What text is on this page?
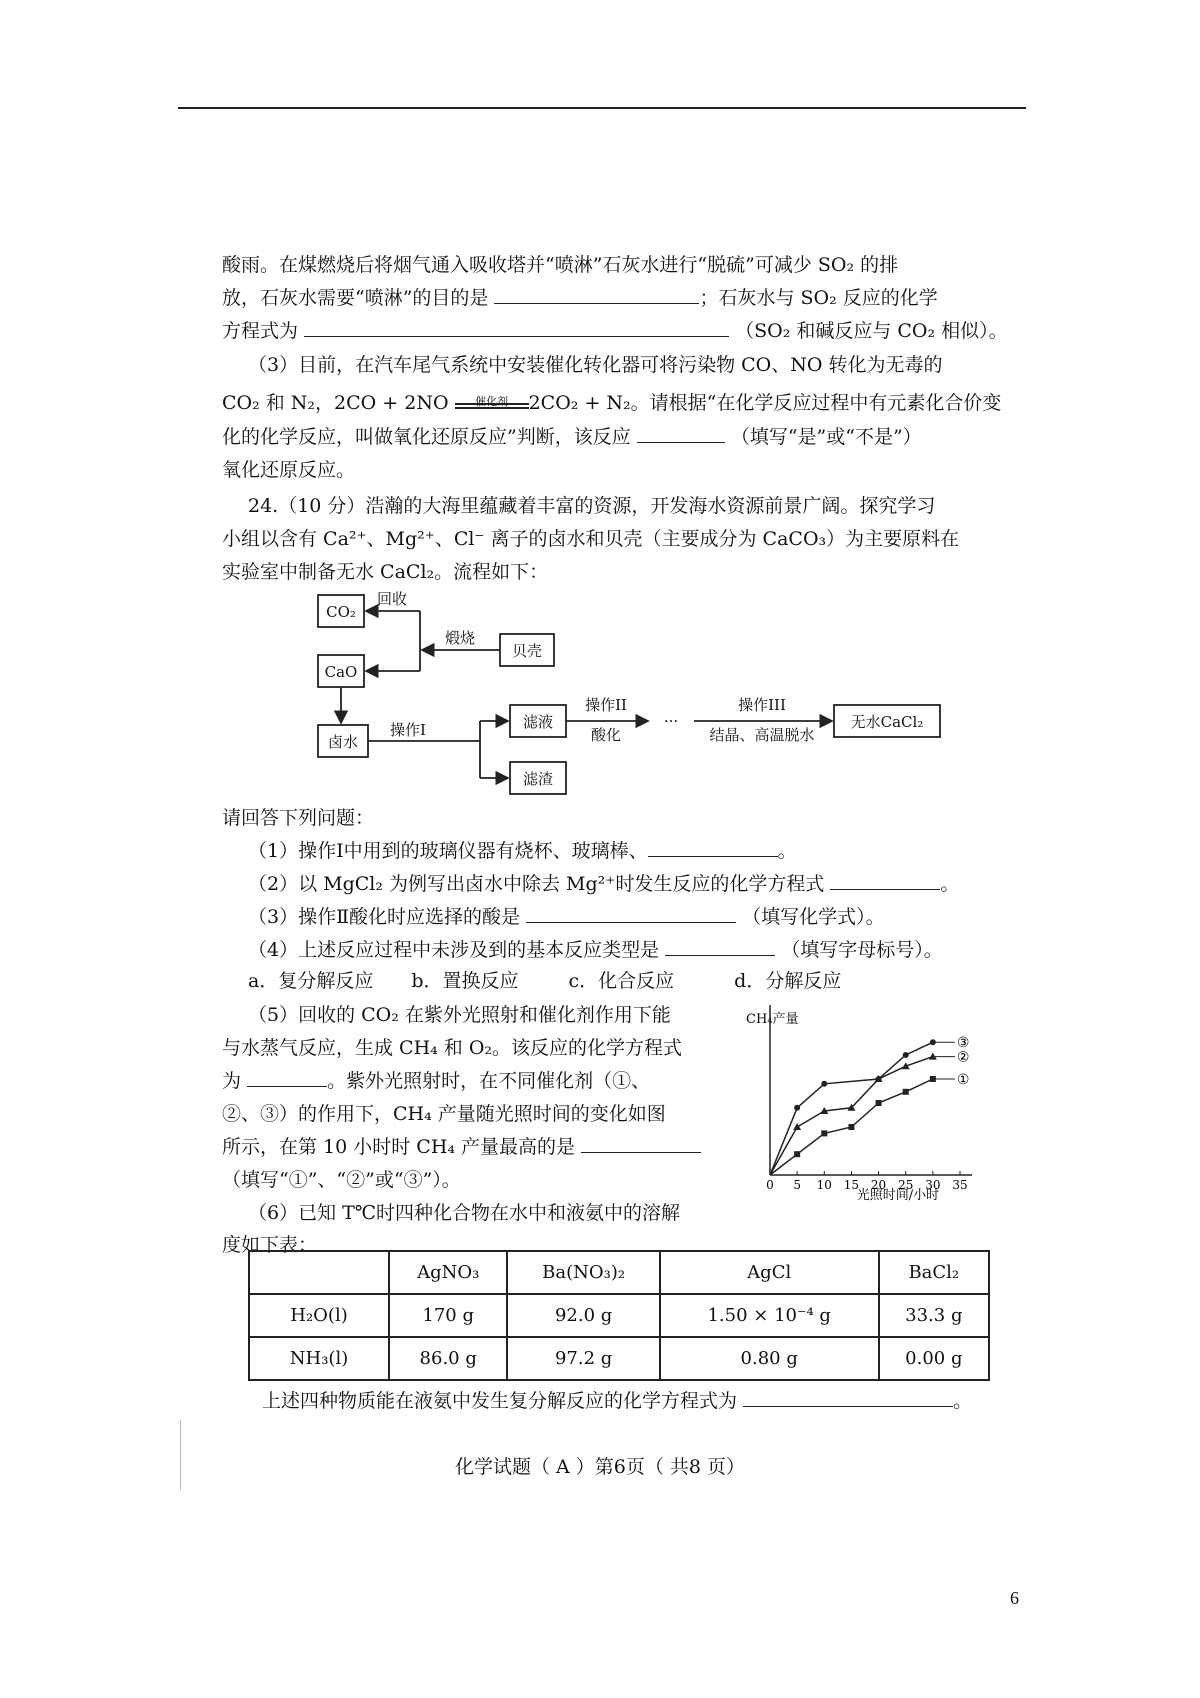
酸雨。在煤燃烧后将烟气通入吸收塔并“喷淋”石灰水进行“脱硫”可减少 SO₂ 的排
放，石灰水需要“喷淋”的目的是	；石灰水与 SO₂ 反应的化学
方程式为	（SO₂ 和碱反应与 CO₂ 相似）。
（3）目前，在汽车尾气系统中安装催化转化器可将污染物 CO、NO 转化为无毒的
CO₂ 和 N₂，2CO + 2NO	催化剂	2CO₂ + N₂。请根据“在化学反应过程中有元素化合价变
化的化学反应，叫做氧化还原反应”判断，该反应	（填写“是”或“不是”）
氧化还原反应。
24.（10 分）浩瀚的大海里蕴藏着丰富的资源，开发海水资源前景广阔。探究学习
小组以含有 Ca²⁺、Mg²⁺、Cl⁻ 离子的卤水和贝壳（主要成分为 CaCO₃）为主要原料在
实验室中制备无水 CaCl₂。流程如下：
CO₂
CaO
贝壳
卤水
滤液
滤渣
无水CaCl₂
回收
煅烧
操作I
操作II
酸化
···
操作III
结晶、高温脱水
请回答下列问题：
（1）操作Ⅰ中用到的玻璃仪器有烧杯、玻璃棒、	。
（2）以 MgCl₂ 为例写出卤水中除去 Mg²⁺时发生反应的化学方程式	。
（3）操作Ⅱ酸化时应选择的酸是	（填写化学式）。
（4）上述反应过程中未涉及到的基本反应类型是	（填写字母标号）。
a．复分解反应 b．置换反应	c．化合反应	d．分解反应
（5）回收的 CO₂ 在紫外光照射和催化剂作用下能
与水蒸气反应，生成 CH₄ 和 O₂。该反应的化学方程式
为	。紫外光照射时，在不同催化剂（①、
②、③）的作用下，CH₄ 产量随光照时间的变化如图
所示，在第 10 小时时 CH₄ 产量最高的是
（填写“①”、“②”或“③”）。
（6）已知 T℃时四种化合物在水中和液氨中的溶解
度如下表：
CH₄产量
光照时间/小时
0 5 10 15 20 25 30 35
③
②
①
	AgNO₃	Ba(NO₃)₂	AgCl	BaCl₂
H₂O(l)	170 g	92.0 g	1.50 × 10⁻⁴ g	33.3 g
NH₃(l)	86.0 g	97.2 g	0.80 g	0.00 g
上述四种物质能在液氨中发生复分解反应的化学方程式为	。
化学试题（ A ）第6页（ 共8 页）
6
